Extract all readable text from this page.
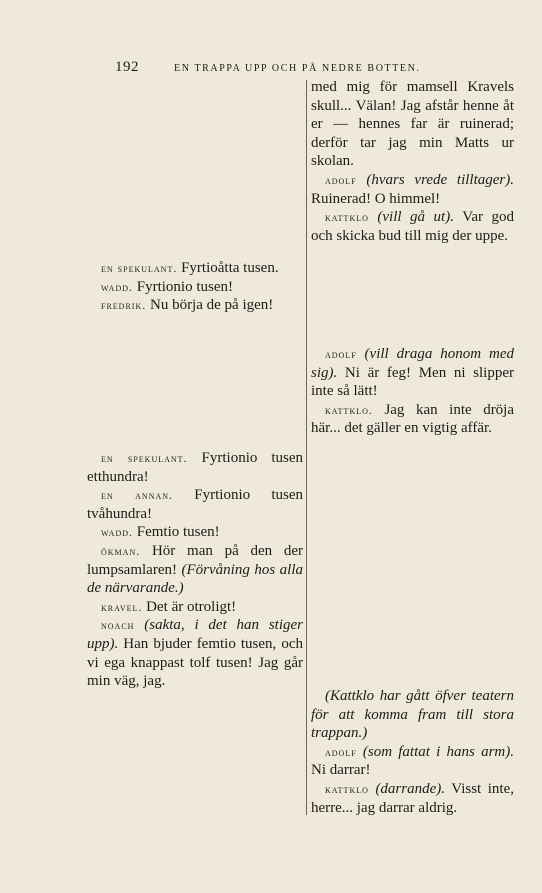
192	EN TRAPPA UPP OCH PÅ NEDRE BOTTEN.

med mig för mamsell Kravels skull... Välan! Jag afstår henne åt er — hennes far är ruinerad; derför tar jag min Matts ur skolan.

adolf (hvars vrede tilltager). Ruinerad! O himmel!

kattklo (vill gå ut). Var god och skicka bud till mig der uppe.

en spekulant. Fyrtioåtta tusen.

wadd. Fyrtionio tusen!

fredrik. Nu börja de på igen!

adolf (vill draga honom med sig). Ni är feg! Men ni slipper inte så lätt!

kattklo. Jag kan inte dröja här... det gäller en vigtig affär.

en spekulant. Fyrtionio tusen etthundra!

en annan. Fyrtionio tusen tvåhundra!

wadd. Femtio tusen!

ökman. Hör man på den der lumpsamlaren! (Förvåning hos alla de närvarande.)

kravel. Det är otroligt!

noach (sakta, i det han stiger upp). Han bjuder femtio tusen, och vi ega knappast tolf tusen! Jag går min väg, jag.

(Kattklo har gått öfver teatern för att komma fram till stora trappan.)

adolf (som fattat i hans arm). Ni darrar!

kattklo (darrande). Visst inte, herre... jag darrar aldrig.
